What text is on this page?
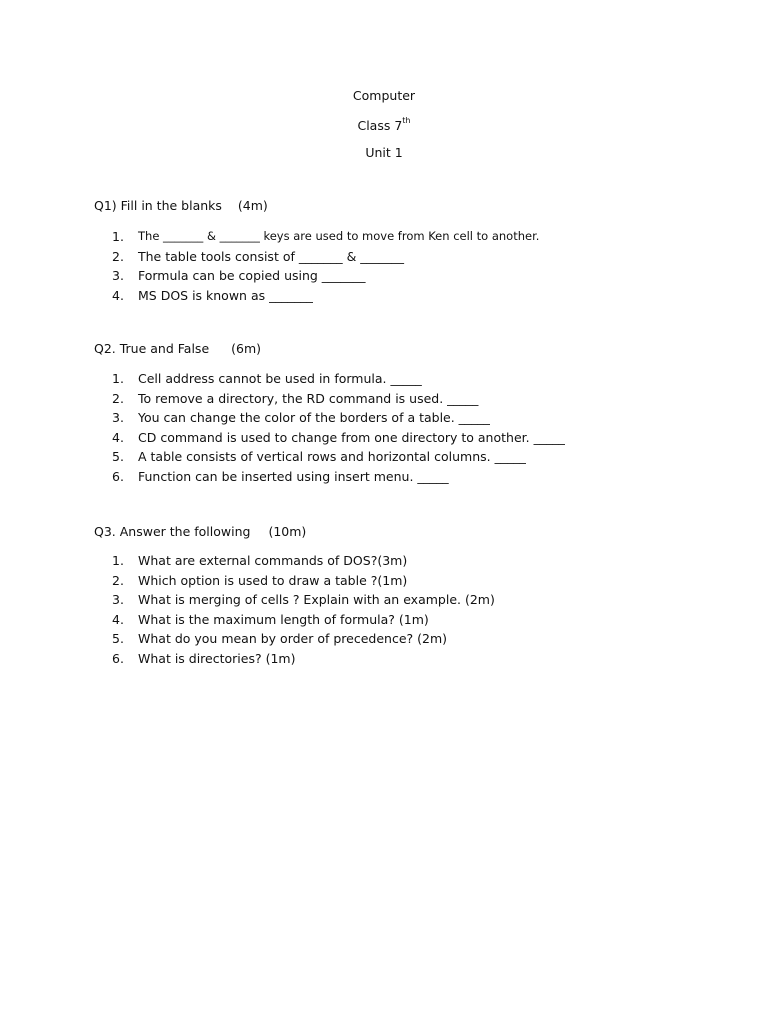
Computer
Class 7th
Unit 1
Q1) Fill in the blanks (4m)
1.	The _______ & _______ keys are used to move from Ken cell to another.
2.	The table tools consist of _______ & _______
3.	Formula can be copied using _______
4.	MS DOS is known as _______
Q2. True and False (6m)
1.	Cell address cannot be used in formula. _____
2.	To remove a directory, the RD command is used. _____
3.	You can change the color of the borders of a table. _____
4.	CD command is used to change from one directory to another. _____
5.	A table consists of vertical rows and horizontal columns. _____
6.	Function can be inserted using insert menu. _____
Q3. Answer the following (10m)
1.	What are external commands of DOS?(3m)
2.	Which option is used to draw a table ?(1m)
3.	What is merging of cells ? Explain with an example. (2m)
4.	What is the maximum length of formula? (1m)
5.	What do you mean by order of precedence? (2m)
6.	What is directories? (1m)
